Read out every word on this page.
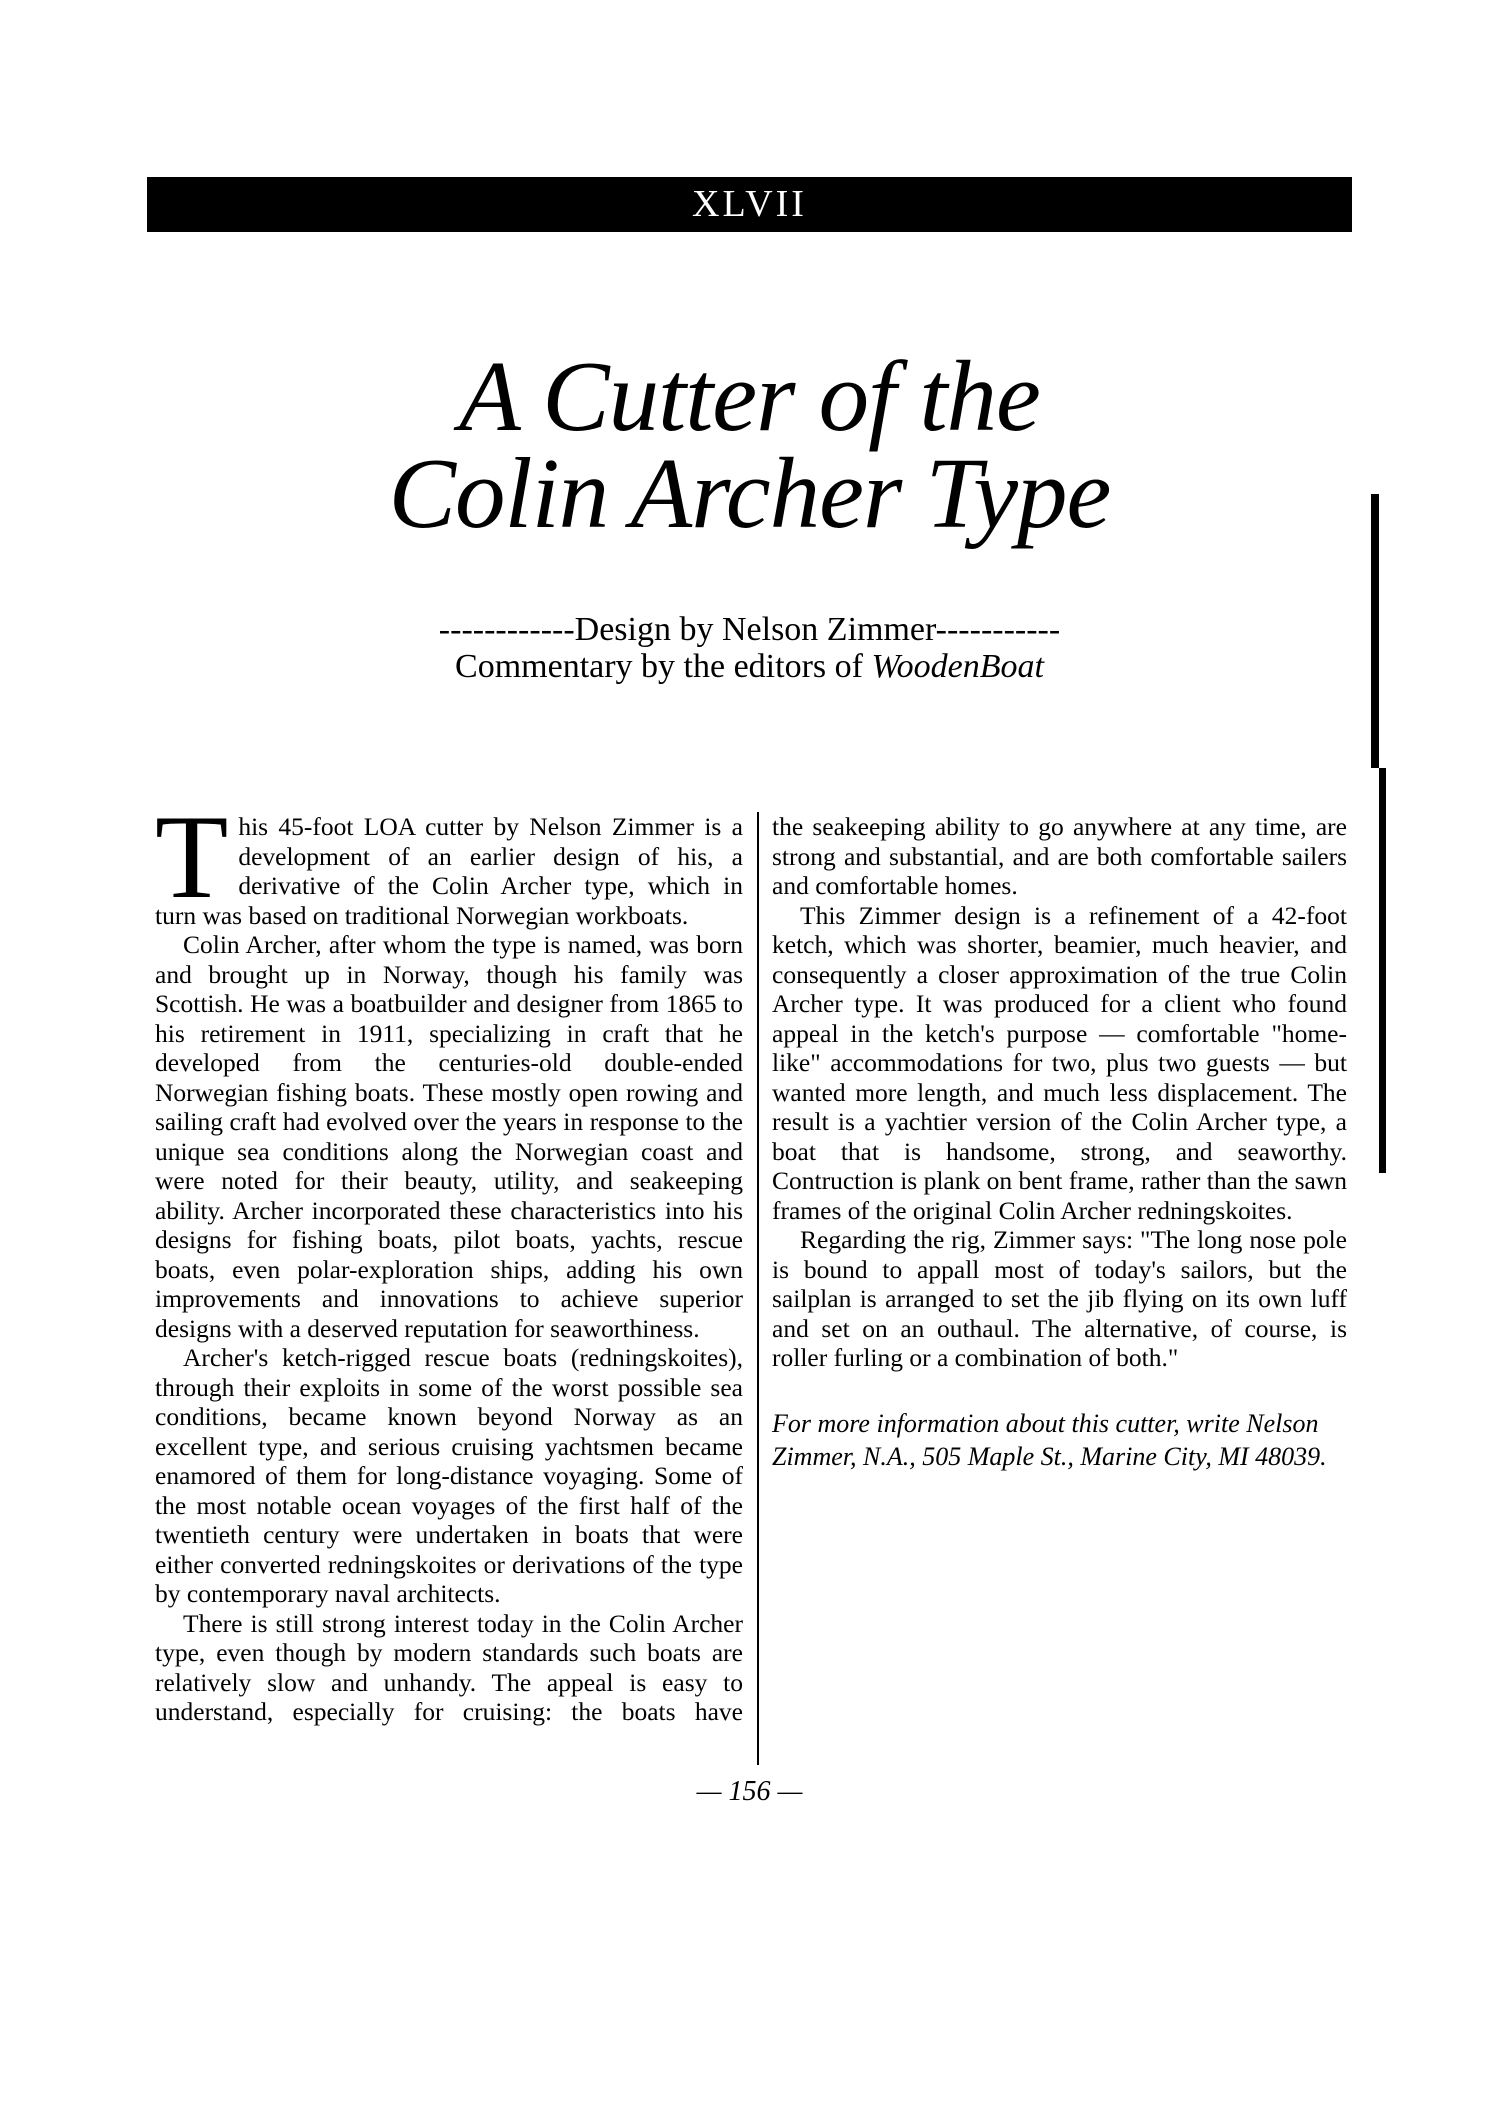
XLVII
A Cutter of the
Colin Archer Type
------------Design by Nelson Zimmer-----------
Commentary by the editors of WoodenBoat

This 45-foot LOA cutter by Nelson Zimmer is a development of an earlier design of his, a derivative of the Colin Archer type, which in turn was based on traditional Norwegian workboats.

Colin Archer, after whom the type is named, was born and brought up in Norway, though his family was Scottish. He was a boatbuilder and designer from 1865 to his retirement in 1911, specializing in craft that he developed from the centuries-old double-ended Norwegian fishing boats. These mostly open rowing and sailing craft had evolved over the years in response to the unique sea conditions along the Norwegian coast and were noted for their beauty, utility, and seakeeping ability. Archer incorporated these characteristics into his designs for fishing boats, pilot boats, yachts, rescue boats, even polar-exploration ships, adding his own improvements and innovations to achieve superior designs with a deserved reputation for seaworthiness.

Archer's ketch-rigged rescue boats (redningskoites), through their exploits in some of the worst possible sea conditions, became known beyond Norway as an excellent type, and serious cruising yachtsmen became enamored of them for long-distance voyaging. Some of the most notable ocean voyages of the first half of the twentieth century were undertaken in boats that were either converted redningskoites or derivations of the type by contemporary naval architects.

There is still strong interest today in the Colin Archer type, even though by modern standards such boats are relatively slow and unhandy. The appeal is easy to understand, especially for cruising: the boats have

the seakeeping ability to go anywhere at any time, are strong and substantial, and are both comfortable sailers and comfortable homes.

This Zimmer design is a refinement of a 42-foot ketch, which was shorter, beamier, much heavier, and consequently a closer approximation of the true Colin Archer type. It was produced for a client who found appeal in the ketch's purpose — comfortable "home-like" accommodations for two, plus two guests — but wanted more length, and much less displacement. The result is a yachtier version of the Colin Archer type, a boat that is handsome, strong, and seaworthy. Contruction is plank on bent frame, rather than the sawn frames of the original Colin Archer redningskoites.

Regarding the rig, Zimmer says: "The long nose pole is bound to appall most of today's sailors, but the sailplan is arranged to set the jib flying on its own luff and set on an outhaul. The alternative, of course, is roller furling or a combination of both."

For more information about this cutter, write Nelson Zimmer, N.A., 505 Maple St., Marine City, MI 48039.

— 156 —
